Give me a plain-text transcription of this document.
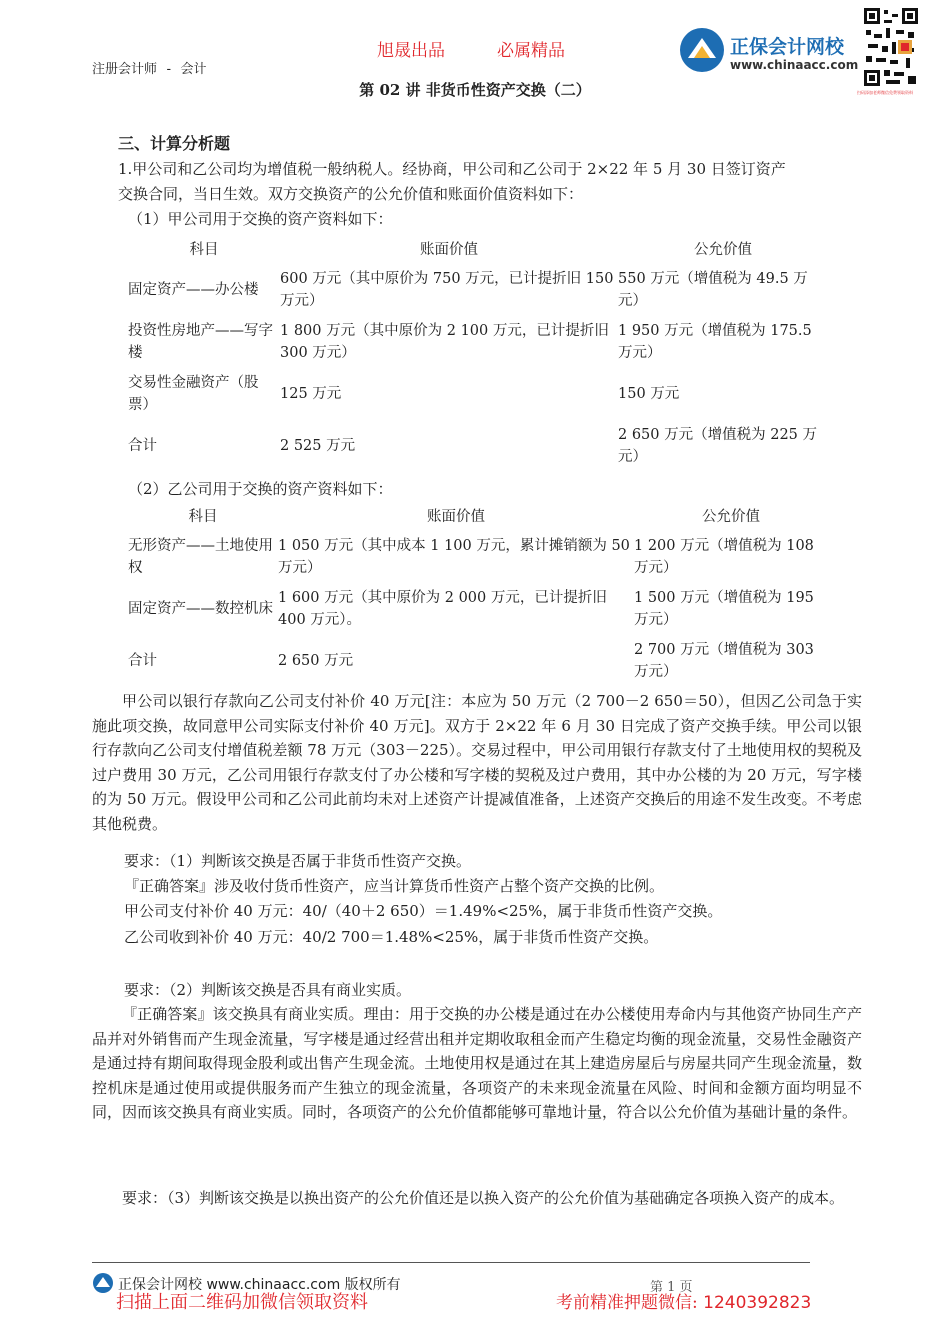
旭晟出品	必属精品
注册会计师 - 会计
正保会计网校
www.chinaacc.com
扫码添加老师微信免费领取资料
第 02 讲 非货币性资产交换（二）
三、计算分析题

1.甲公司和乙公司均为增值税一般纳税人。经协商，甲公司和乙公司于 2×22 年 5 月 30 日签订资产

交换合同，当日生效。双方交换资产的公允价值和账面价值资料如下：

（1）甲公司用于交换的资产资料如下：

科目	账面价值	公允价值
固定资产——办公楼	600 万元（其中原价为 750 万元，已计提折旧 150 万元）	550 万元（增值税为 49.5 万元）
投资性房地产——写字楼	1 800 万元（其中原价为 2 100 万元，已计提折旧 300 万元）	1 950 万元（增值税为 175.5 万元）
交易性金融资产（股票）	125 万元	150 万元
合计	2 525 万元	2 650 万元（增值税为 225 万元）

（2）乙公司用于交换的资产资料如下：

科目	账面价值	公允价值
无形资产——土地使用权	1 050 万元（其中成本 1 100 万元，累计摊销额为 50 万元）	1 200 万元（增值税为 108 万元）
固定资产——数控机床	1 600 万元（其中原价为 2 000 万元，已计提折旧 400 万元）。	1 500 万元（增值税为 195 万元）
合计	2 650 万元	2 700 万元（增值税为 303 万元）

甲公司以银行存款向乙公司支付补价 40 万元[注：本应为 50 万元（2 700－2 650＝50），但因乙公司急于实施此项交换，故同意甲公司实际支付补价 40 万元]。双方于 2×22 年 6 月 30 日完成了资产交换手续。甲公司以银行存款向乙公司支付增值税差额 78 万元（303－225）。交易过程中，甲公司用银行存款支付了土地使用权的契税及过户费用 30 万元，乙公司用银行存款支付了办公楼和写字楼的契税及过户费用，其中办公楼的为 20 万元，写字楼的为 50 万元。假设甲公司和乙公司此前均未对上述资产计提减值准备，上述资产交换后的用途不发生改变。不考虑其他税费。

要求：（1）判断该交换是否属于非货币性资产交换。

『正确答案』涉及收付货币性资产，应当计算货币性资产占整个资产交换的比例。

甲公司支付补价 40 万元：40/（40＋2 650）＝1.49%<25%，属于非货币性资产交换。

乙公司收到补价 40 万元：40/2 700＝1.48%<25%，属于非货币性资产交换。

要求：（2）判断该交换是否具有商业实质。

『正确答案』该交换具有商业实质。理由：用于交换的办公楼是通过在办公楼使用寿命内与其他资产协同生产产品并对外销售而产生现金流量，写字楼是通过经营出租并定期收取租金而产生稳定均衡的现金流量，交易性金融资产是通过持有期间取得现金股利或出售产生现金流。土地使用权是通过在其上建造房屋后与房屋共同产生现金流量，数控机床是通过使用或提供服务而产生独立的现金流量，各项资产的未来现金流量在风险、时间和金额方面均明显不同，因而该交换具有商业实质。同时，各项资产的公允价值都能够可靠地计量，符合以公允价值为基础计量的条件。

要求：（3）判断该交换是以换出资产的公允价值还是以换入资产的公允价值为基础确定各项换入资产的成本。

正保会计网校 www.chinaacc.com 版权所有	第 1 页
扫描上面二维码加微信领取资料	考前精准押题微信: 1240392823
